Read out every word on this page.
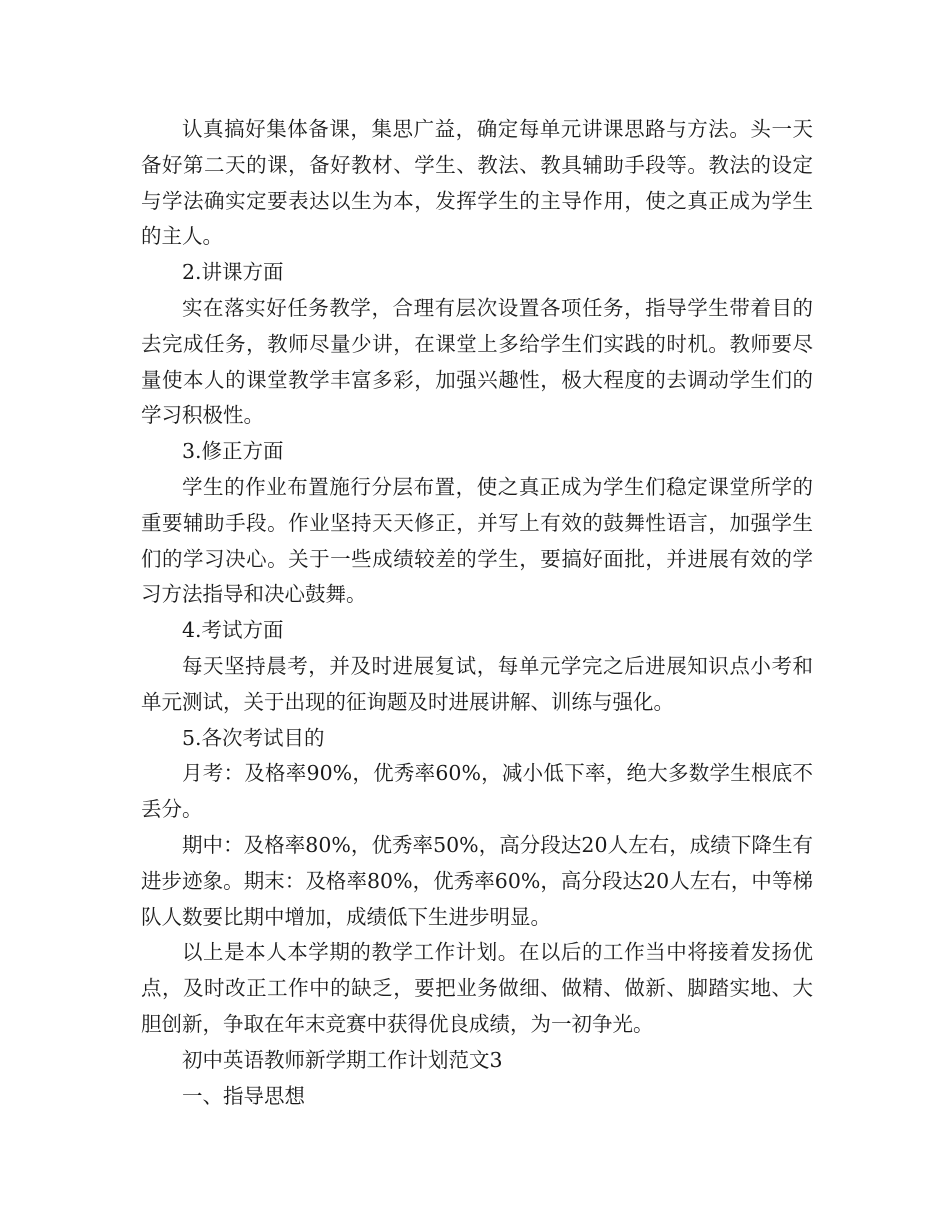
认真搞好集体备课，集思广益，确定每单元讲课思路与方法。头一天备好第二天的课，备好教材、学生、教法、教具辅助手段等。教法的设定与学法确实定要表达以生为本，发挥学生的主导作用，使之真正成为学生的主人。

2.讲课方面

实在落实好任务教学，合理有层次设置各项任务，指导学生带着目的去完成任务，教师尽量少讲，在课堂上多给学生们实践的时机。教师要尽量使本人的课堂教学丰富多彩，加强兴趣性，极大程度的去调动学生们的学习积极性。

3.修正方面

学生的作业布置施行分层布置，使之真正成为学生们稳定课堂所学的重要辅助手段。作业坚持天天修正，并写上有效的鼓舞性语言，加强学生们的学习决心。关于一些成绩较差的学生，要搞好面批，并进展有效的学习方法指导和决心鼓舞。

4.考试方面

每天坚持晨考，并及时进展复试，每单元学完之后进展知识点小考和单元测试，关于出现的征询题及时进展讲解、训练与强化。

5.各次考试目的

月考：及格率90%，优秀率60%，减小低下率，绝大多数学生根底不丢分。

期中：及格率80%，优秀率50%，高分段达20人左右，成绩下降生有进步迹象。期末：及格率80%，优秀率60%，高分段达20人左右，中等梯队人数要比期中增加，成绩低下生进步明显。

以上是本人本学期的教学工作计划。在以后的工作当中将接着发扬优点，及时改正工作中的缺乏，要把业务做细、做精、做新、脚踏实地、大胆创新，争取在年末竞赛中获得优良成绩，为一初争光。

初中英语教师新学期工作计划范文3

一、指导思想
